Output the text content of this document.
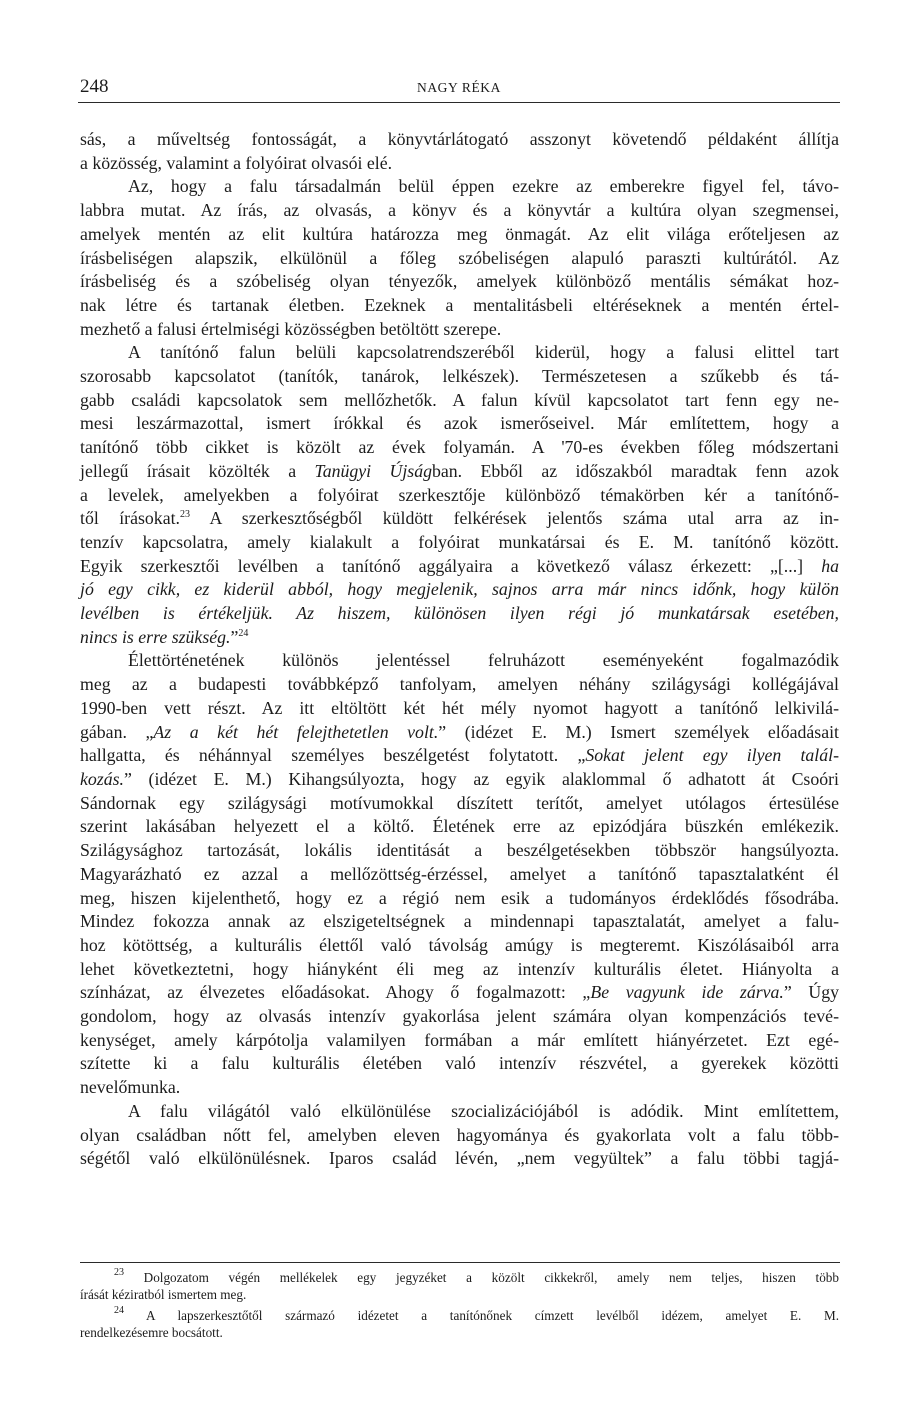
248	NAGY RÉKA

sás, a műveltség fontosságát, a könyvtárlátogató asszonyt követendő példaként állítja
a közösség, valamint a folyóirat olvasói elé.

Az, hogy a falu társadalmán belül éppen ezekre az emberekre figyel fel, távo-
labbra mutat. Az írás, az olvasás, a könyv és a könyvtár a kultúra olyan szegmensei,
amelyek mentén az elit kultúra határozza meg önmagát. Az elit világa erőteljesen az
írásbeliségen alapszik, elkülönül a főleg szóbeliségen alapuló paraszti kultúrától. Az
írásbeliség és a szóbeliség olyan tényezők, amelyek különböző mentális sémákat hoz-
nak létre és tartanak életben. Ezeknek a mentalitásbeli eltéréseknek a mentén értel-
mezhető a falusi értelmiségi közösségben betöltött szerepe.

A tanítónő falun belüli kapcsolatrendszeréből kiderül, hogy a falusi elittel tart
szorosabb kapcsolatot (tanítók, tanárok, lelkészek). Természetesen a szűkebb és tá-
gabb családi kapcsolatok sem mellőzhetők. A falun kívül kapcsolatot tart fenn egy ne-
mesi leszármazottal, ismert írókkal és azok ismerőseivel. Már említettem, hogy a
tanítónő több cikket is közölt az évek folyamán. A '70-es években főleg módszertani
jellegű írásait közölték a Tanügyi Újságban. Ebből az időszakból maradtak fenn azok
a levelek, amelyekben a folyóirat szerkesztője különböző témakörben kér a tanítónő-
től írásokat.$^{23}$ A szerkesztőségből küldött felkérések jelentős száma utal arra az in-
tenzív kapcsolatra, amely kialakult a folyóirat munkatársai és E. M. tanítónő között.
Egyik szerkesztői levélben a tanítónő aggályaira a következő válasz érkezett: „[...] ha
jó egy cikk, ez kiderül abból, hogy megjelenik, sajnos arra már nincs időnk, hogy külön
levélben is értékeljük. Az hiszem, különösen ilyen régi jó munkatársak esetében,
nincs is erre szükség.”$^{24}$

Élettörténetének különös jelentéssel felruházott eseményeként fogalmazódik
meg az a budapesti továbbképző tanfolyam, amelyen néhány szilágysági kollégájával
1990-ben vett részt. Az itt eltöltött két hét mély nyomot hagyott a tanítónő lelkivilá-
gában. „Az a két hét felejthetetlen volt.” (idézet E. M.) Ismert személyek előadásait
hallgatta, és néhánnyal személyes beszélgetést folytatott. „Sokat jelent egy ilyen talál-
kozás.” (idézet E. M.) Kihangsúlyozta, hogy az egyik alaklommal ő adhatott át Csoóri
Sándornak egy szilágysági motívumokkal díszített terítőt, amelyet utólagos értesülése
szerint lakásában helyezett el a költő. Életének erre az epizódjára büszkén emlékezik.
Szilágysághoz tartozását, lokális identitását a beszélgetésekben többször hangsúlyozta.
Magyarázható ez azzal a mellőzöttség-érzéssel, amelyet a tanítónő tapasztalatként él
meg, hiszen kijelenthető, hogy ez a régió nem esik a tudományos érdeklődés fősodrába.
Mindez fokozza annak az elszigeteltségnek a mindennapi tapasztalatát, amelyet a falu-
hoz kötöttség, a kulturális élettől való távolság amúgy is megteremt. Kiszólásaiból arra
lehet következtetni, hogy hiányként éli meg az intenzív kulturális életet. Hiányolta a
színházat, az élvezetes előadásokat. Ahogy ő fogalmazott: „Be vagyunk ide zárva.” Úgy
gondolom, hogy az olvasás intenzív gyakorlása jelent számára olyan kompenzációs tevé-
kenységet, amely kárpótolja valamilyen formában a már említett hiányérzetet. Ezt egé-
szítette ki a falu kulturális életében való intenzív részvétel, a gyerekek közötti
nevelőmunka.

A falu világától való elkülönülése szocializációjából is adódik. Mint említettem,
olyan családban nőtt fel, amelyben eleven hagyománya és gyakorlata volt a falu több-
ségétől való elkülönülésnek. Iparos család lévén, „nem vegyültek” a falu többi tagjá-

$^{23}$ Dolgozatom végén mellékelek egy jegyzéket a közölt cikkekről, amely nem teljes, hiszen több
írását kéziratból ismertem meg.
$^{24}$ A lapszerkesztőtől származó idézetet a tanítónőnek címzett levélből idézem, amelyet E. M.
rendelkezésemre bocsátott.
